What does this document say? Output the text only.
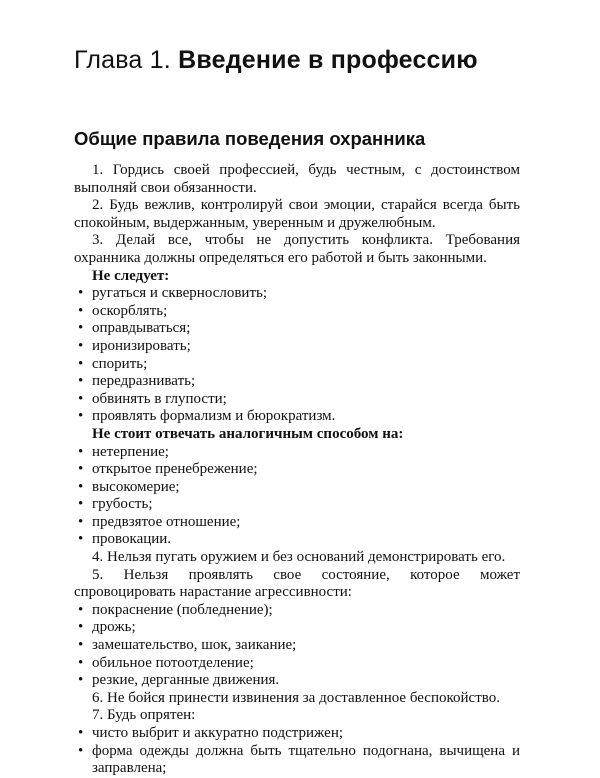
Глава 1. Введение в профессию
Общие правила поведения охранника

1. Гордись своей профессией, будь честным, с достоинством выполняй свои обязанности.

2. Будь вежлив, контролируй свои эмоции, старайся всегда быть спокойным, выдержанным, уверенным и дружелюбным.

3. Делай все, чтобы не допустить конфликта. Требования охранника должны определяться его работой и быть законными.

Не следует:

• ругаться и сквернословить;
• оскорблять;
• оправдываться;
• иронизировать;
• спорить;
• передразнивать;
• обвинять в глупости;
• проявлять формализм и бюрократизм.

Не стоит отвечать аналогичным способом на:

• нетерпение;
• открытое пренебрежение;
• высокомерие;
• грубость;
• предвзятое отношение;
• провокации.

4. Нельзя пугать оружием и без оснований демонстрировать его.

5. Нельзя проявлять свое состояние, которое может спровоцировать нарастание агрессивности:

• покраснение (побледнение);
• дрожь;
• замешательство, шок, заикание;
• обильное потоотделение;
• резкие, дерганные движения.

6. Не бойся принести извинения за доставленное беспокойство.

7. Будь опрятен:

• чисто выбрит и аккуратно подстрижен;
• форма одежды должна быть тщательно подогнана, вычищена и заправлена;
